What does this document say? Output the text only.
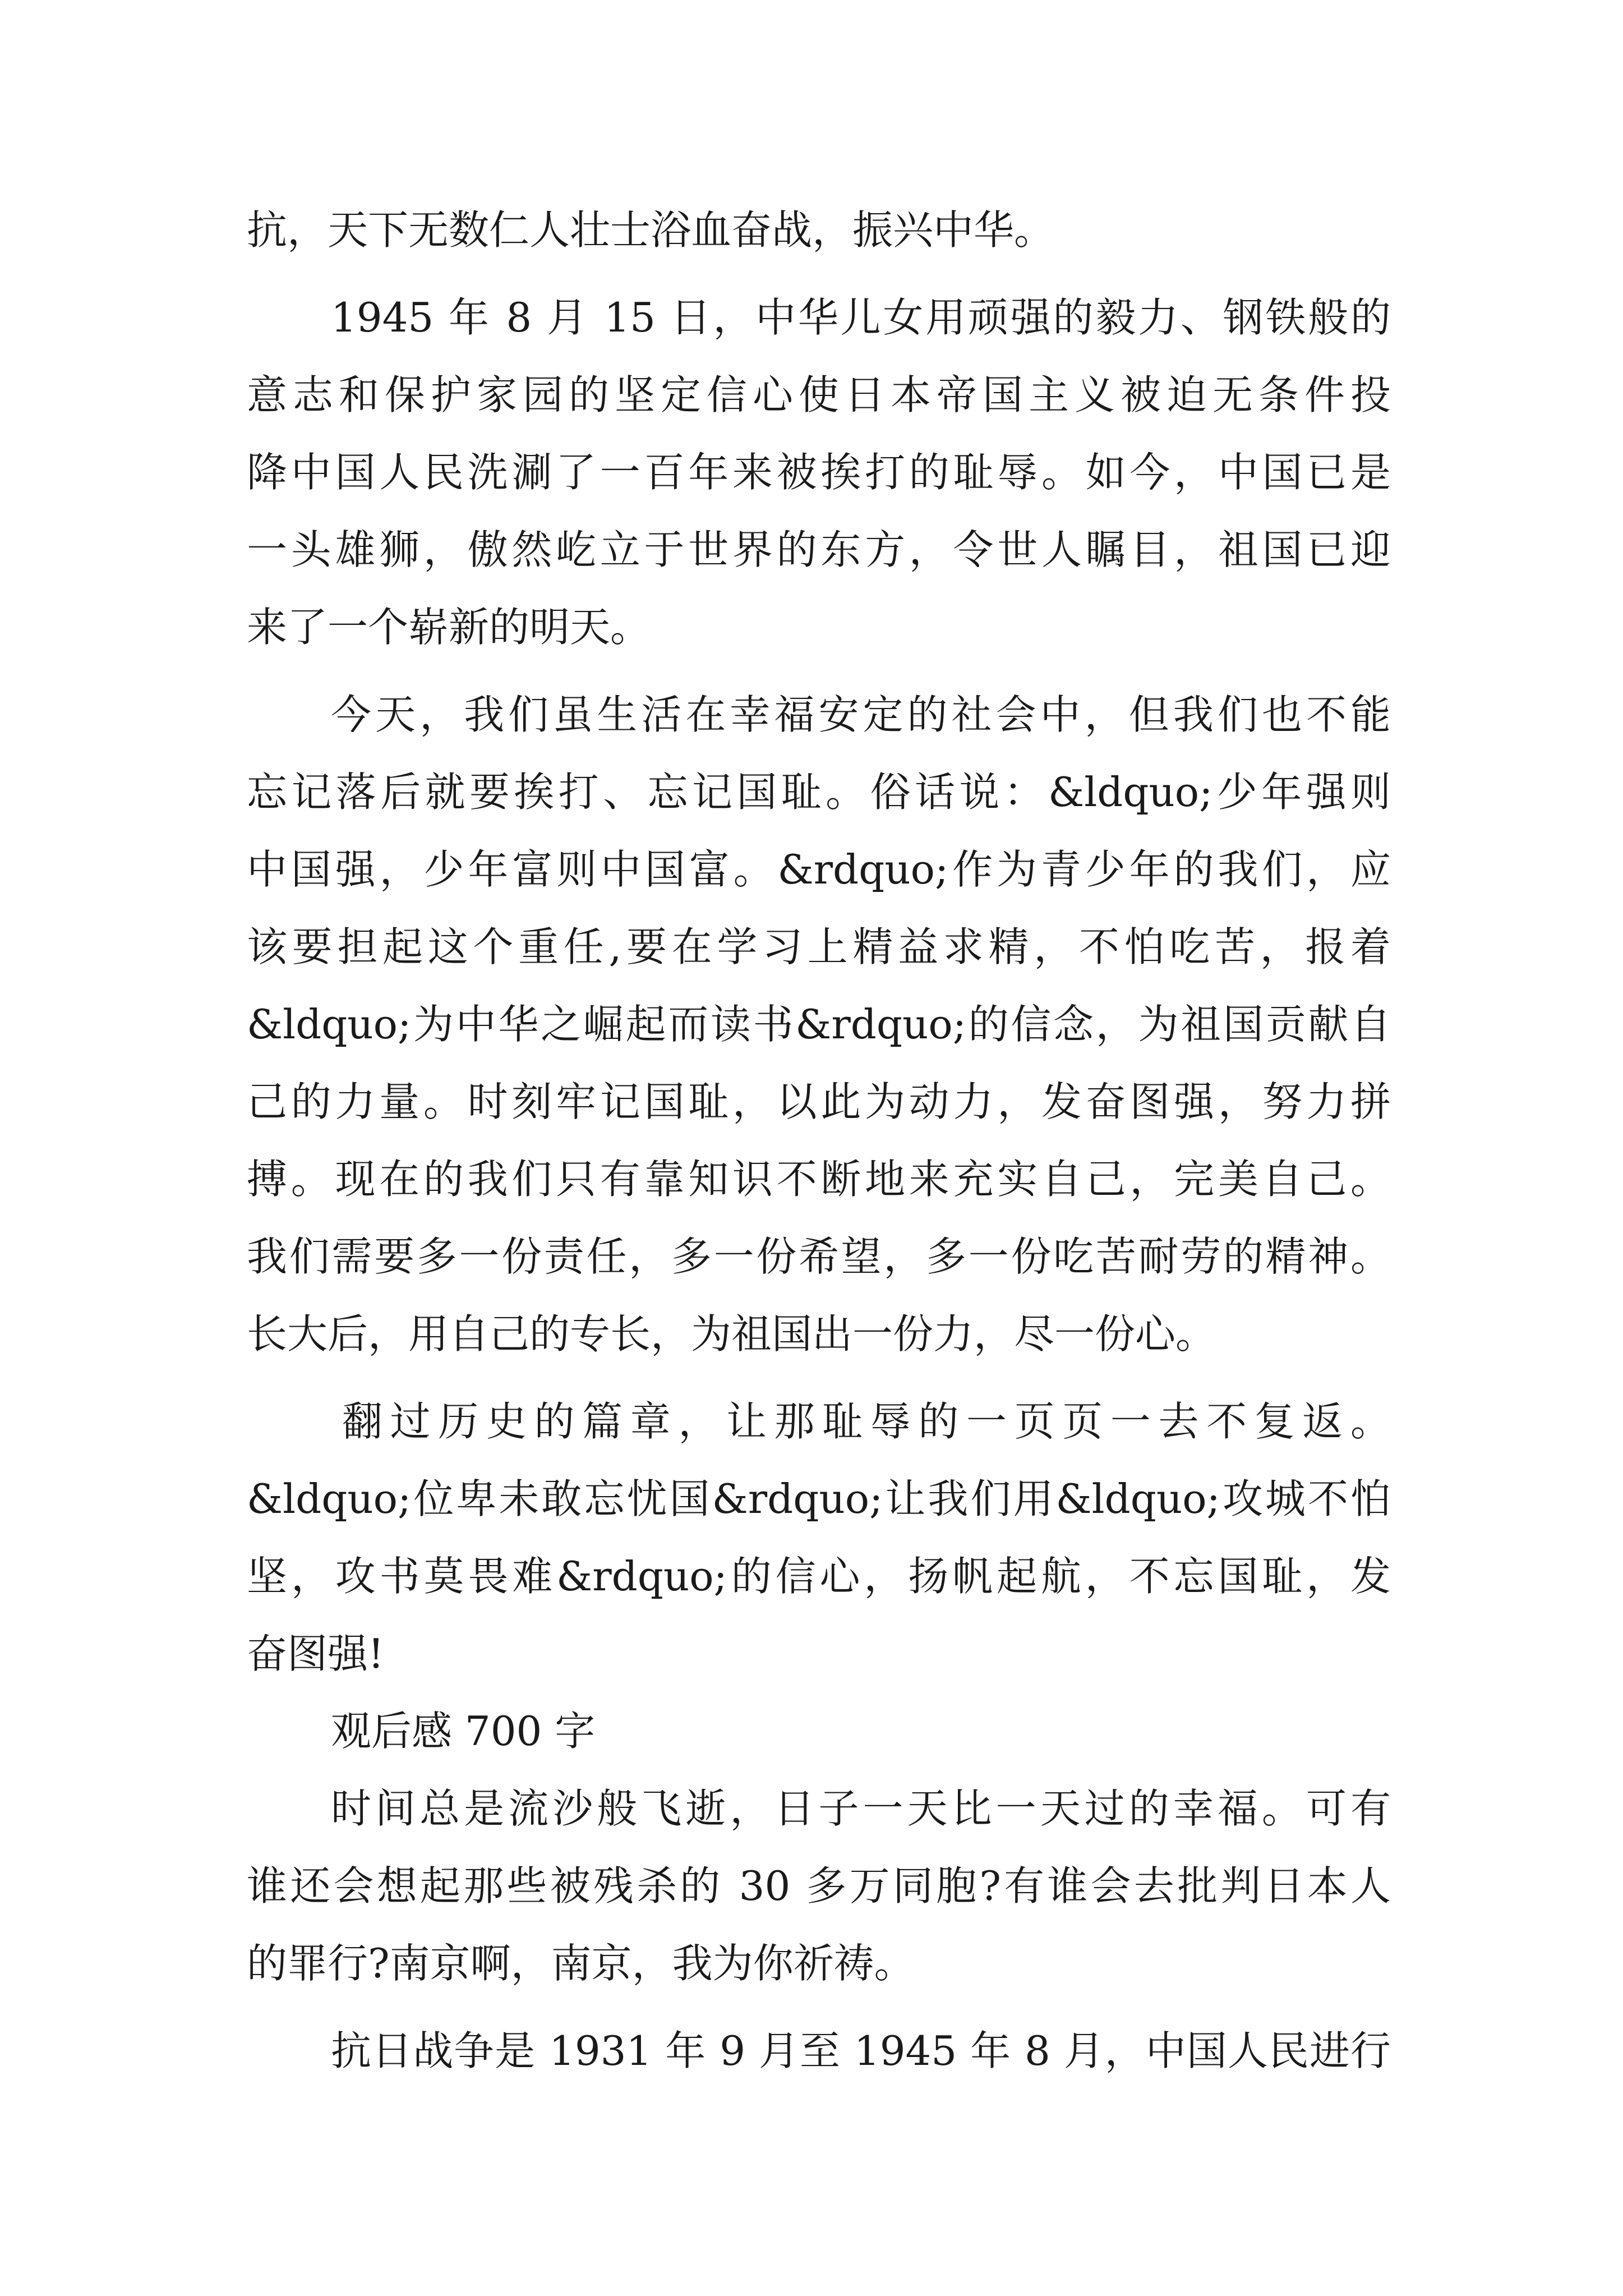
抗，天下无数仁人壮士浴血奋战，振兴中华。

1945 年 8 月 15 日，中华儿女用顽强的毅力、钢铁般的

意志和保护家园的坚定信心使日本帝国主义被迫无条件投

降中国人民洗涮了一百年来被挨打的耻辱。如今，中国已是

一头雄狮，傲然屹立于世界的东方，令世人瞩目，祖国已迎

来了一个崭新的明天。

今天，我们虽生活在幸福安定的社会中，但我们也不能

忘记落后就要挨打、忘记国耻。俗话说：&ldquo;少年强则

中国强，少年富则中国富。&rdquo;作为青少年的我们，应

该要担起这个重任,要在学习上精益求精，不怕吃苦，报着

&ldquo;为中华之崛起而读书&rdquo;的信念，为祖国贡献自

己的力量。时刻牢记国耻，以此为动力，发奋图强，努力拼

搏。现在的我们只有靠知识不断地来充实自己，完美自己。

我们需要多一份责任，多一份希望，多一份吃苦耐劳的精神。

长大后，用自己的专长，为祖国出一份力，尽一份心。

翻过历史的篇章，让那耻辱的一页页一去不复返。

&ldquo;位卑未敢忘忧国&rdquo;让我们用&ldquo;攻城不怕

坚，攻书莫畏难&rdquo;的信心，扬帆起航，不忘国耻，发

奋图强!

观后感 700 字

时间总是流沙般飞逝，日子一天比一天过的幸福。可有

谁还会想起那些被残杀的 30 多万同胞?有谁会去批判日本人

的罪行?南京啊，南京，我为你祈祷。

抗日战争是 1931 年 9 月至 1945 年 8 月，中国人民进行
